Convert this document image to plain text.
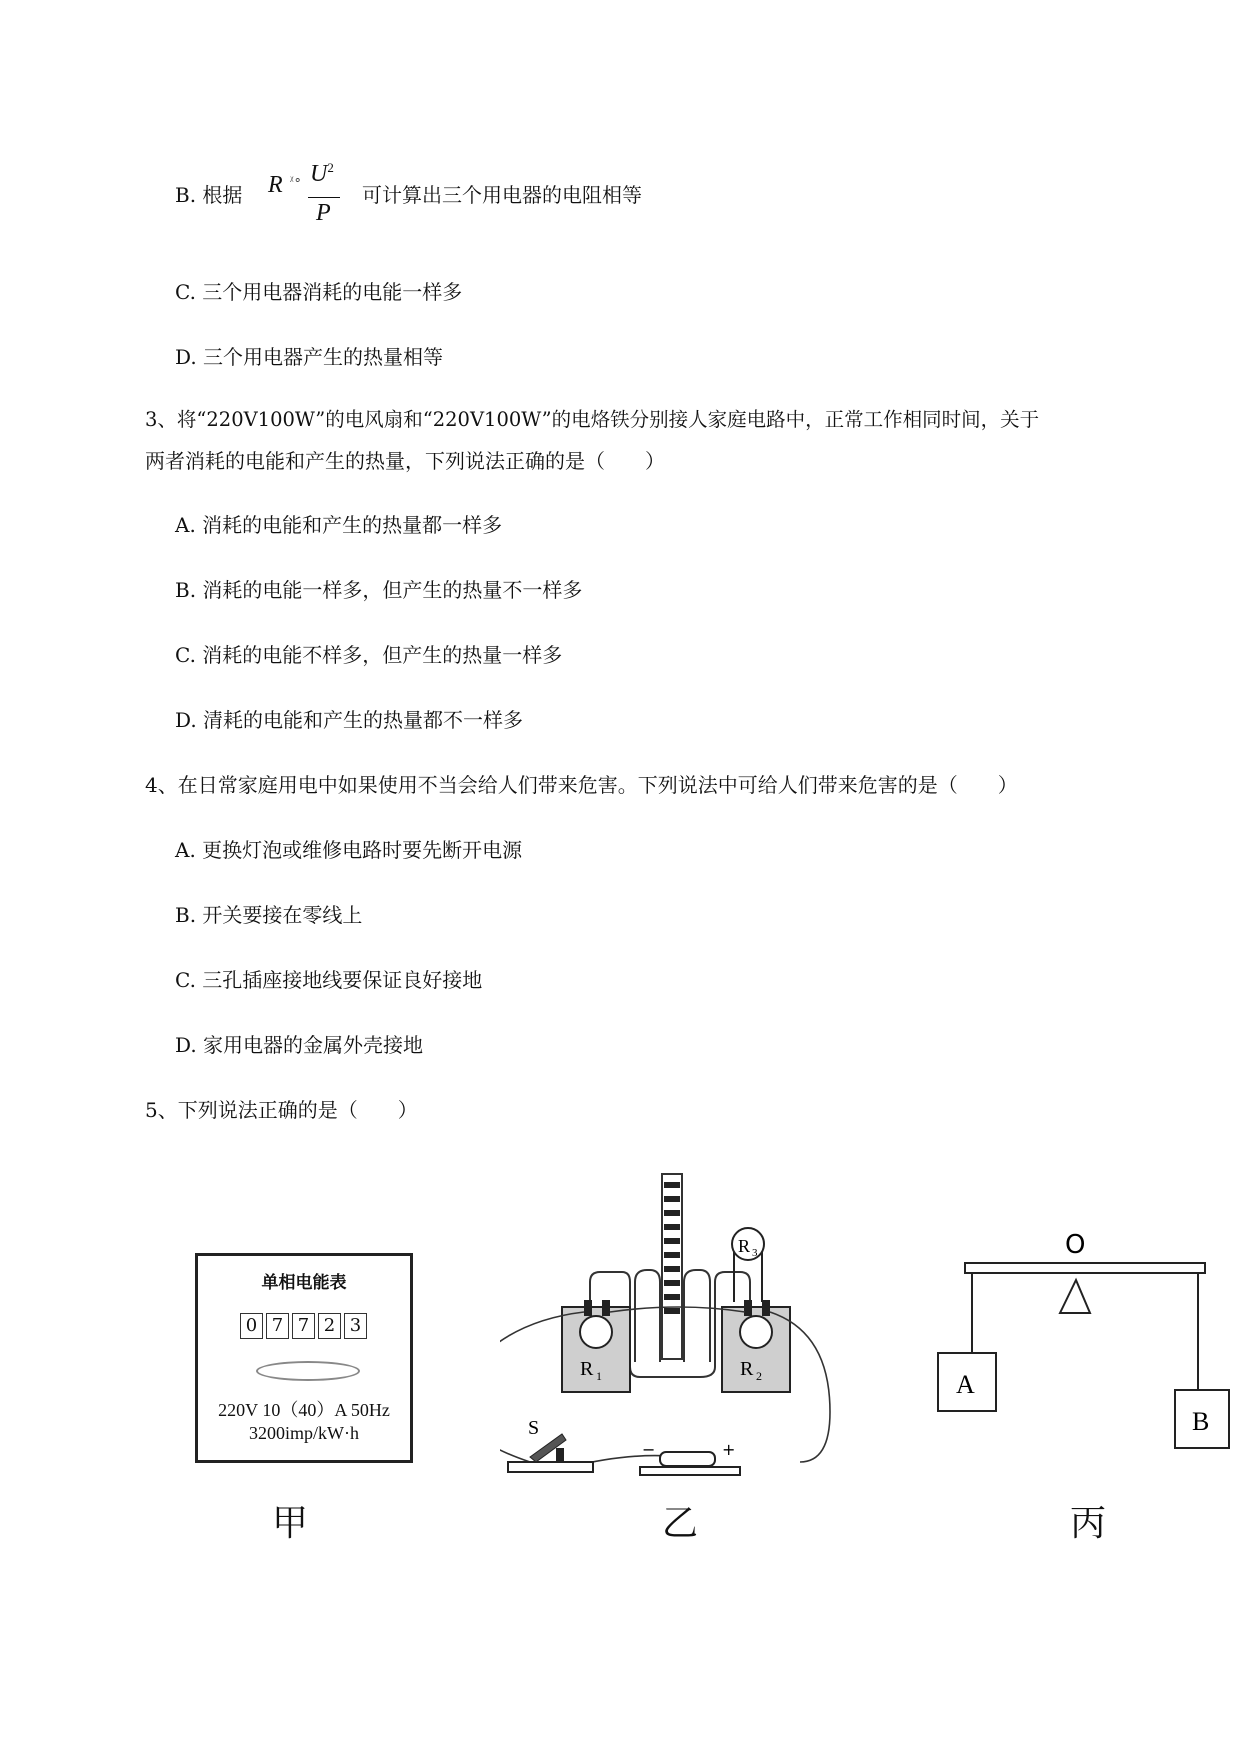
B. 根据 R ᵡ∘ $U^2$
P
可计算出三个用电器的电阻相等
C. 三个用电器消耗的电能一样多
D. 三个用电器产生的热量相等
3、将“220V100W”的电风扇和“220V100W”的电烙铁分别接人家庭电路中，正常工作相同时间，关于
两者消耗的电能和产生的热量，下列说法正确的是（　　）
A. 消耗的电能和产生的热量都一样多
B. 消耗的电能一样多，但产生的热量不一样多
C. 消耗的电能不样多，但产生的热量一样多
D. 清耗的电能和产生的热量都不一样多
4、在日常家庭用电中如果使用不当会给人们带来危害。下列说法中可给人们带来危害的是（　　）
A. 更换灯泡或维修电路时要先断开电源
B. 开关要接在零线上
C. 三孔插座接地线要保证良好接地
D. 家用电器的金属外壳接地
5、下列说法正确的是（　　）
单相电能表
0 7 7 2 3
220V 10（40）A 50Hz
3200imp/kW·h
甲
R 1	R 2
R 3
S
−	+
乙
O
A
B
丙
